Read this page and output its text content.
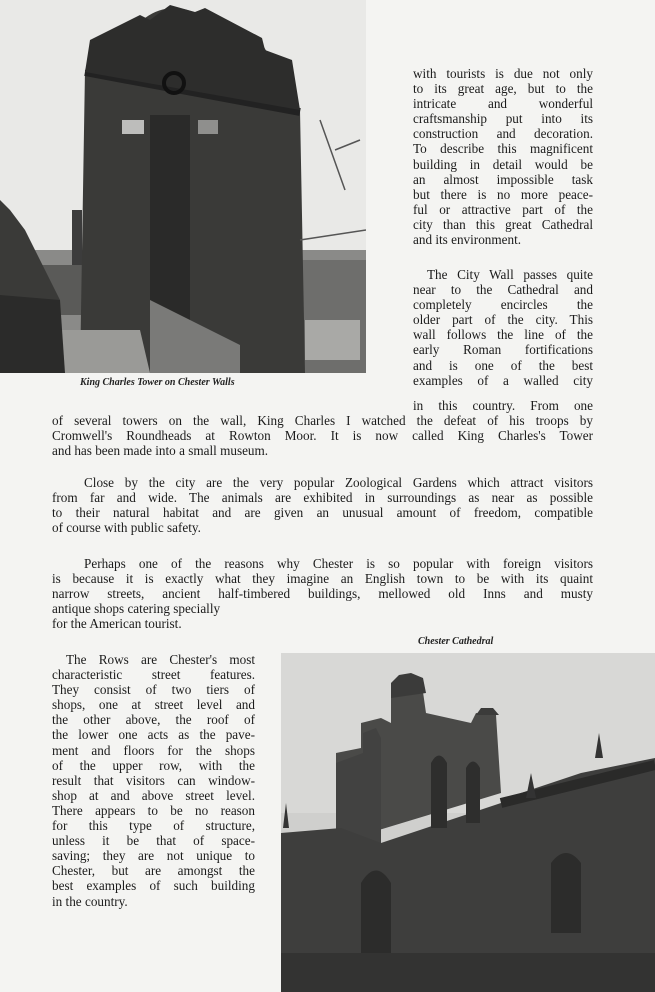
King Charles Tower on Chester Walls
with tourists is due not only
to its great age, but to the
intricate and wonderful
craftsmanship put into its
construction and decoration.
To describe this magnificent
building in detail would be
an almost impossible task
but there is no more peace-
ful or attractive part of the
city than this great Cathedral
and its environment.
The City Wall passes quite
near to the Cathedral and
completely encircles the
older part of the city. This
wall follows the line of the
early Roman fortifications
and is one of the best
examples of a walled city
in this country. From one
of several towers on the wall, King Charles I watched the defeat of his troops by
Cromwell's Roundheads at Rowton Moor. It is now called King Charles's Tower
and has been made into a small museum.
Close by the city are the very popular Zoological Gardens which attract visitors
from far and wide. The animals are exhibited in surroundings as near as possible
to their natural habitat and are given an unusual amount of freedom, compatible
of course with public safety.
Perhaps one of the reasons why Chester is so popular with foreign visitors
is because it is exactly what they imagine an English town to be with its quaint
narrow streets, ancient half-timbered buildings, mellowed old Inns and musty
antique shops catering specially
for the American tourist.
Chester Cathedral
The Rows are Chester's most
characteristic street features.
They consist of two tiers of
shops, one at street level and
the other above, the roof of
the lower one acts as the pave-
ment and floors for the shops
of the upper row, with the
result that visitors can window-
shop at and above street level.
There appears to be no reason
for this type of structure,
unless it be that of space-
saving; they are not unique to
Chester, but are amongst the
best examples of such building
in the country.
